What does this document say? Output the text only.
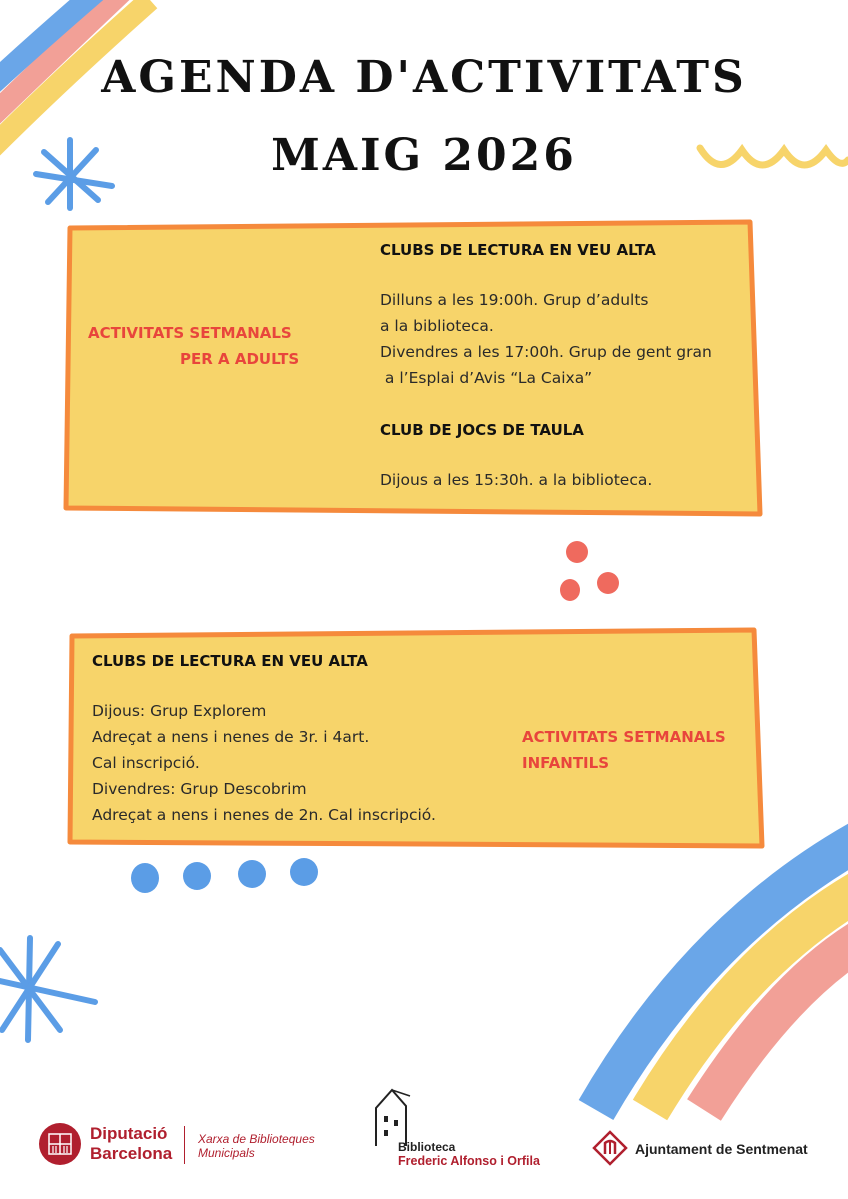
AGENDA D'ACTIVITATS
MAIG 2026
ACTIVITATS SETMANALS
PER A ADULTS
CLUBS DE LECTURA EN VEU ALTA
Dilluns a les 19:00h. Grup d’adults
a la biblioteca.
Divendres a les 17:00h. Grup de gent gran
a l’Esplai d’Avis “La Caixa”
CLUB DE JOCS DE TAULA
Dijous a les 15:30h. a la biblioteca.
CLUBS DE LECTURA EN VEU ALTA
Dijous: Grup Explorem
Adreçat a nens i nenes de 3r. i 4art.
Cal inscripció.
Divendres: Grup Descobrim
Adreçat a nens i nenes de 2n. Cal inscripció.
ACTIVITATS SETMANALS
INFANTILS
Diputació
Barcelona
Xarxa de Biblioteques
Municipals	Biblioteca
Frederic Alfonso i Orfila
Ajuntament de Sentmenat
